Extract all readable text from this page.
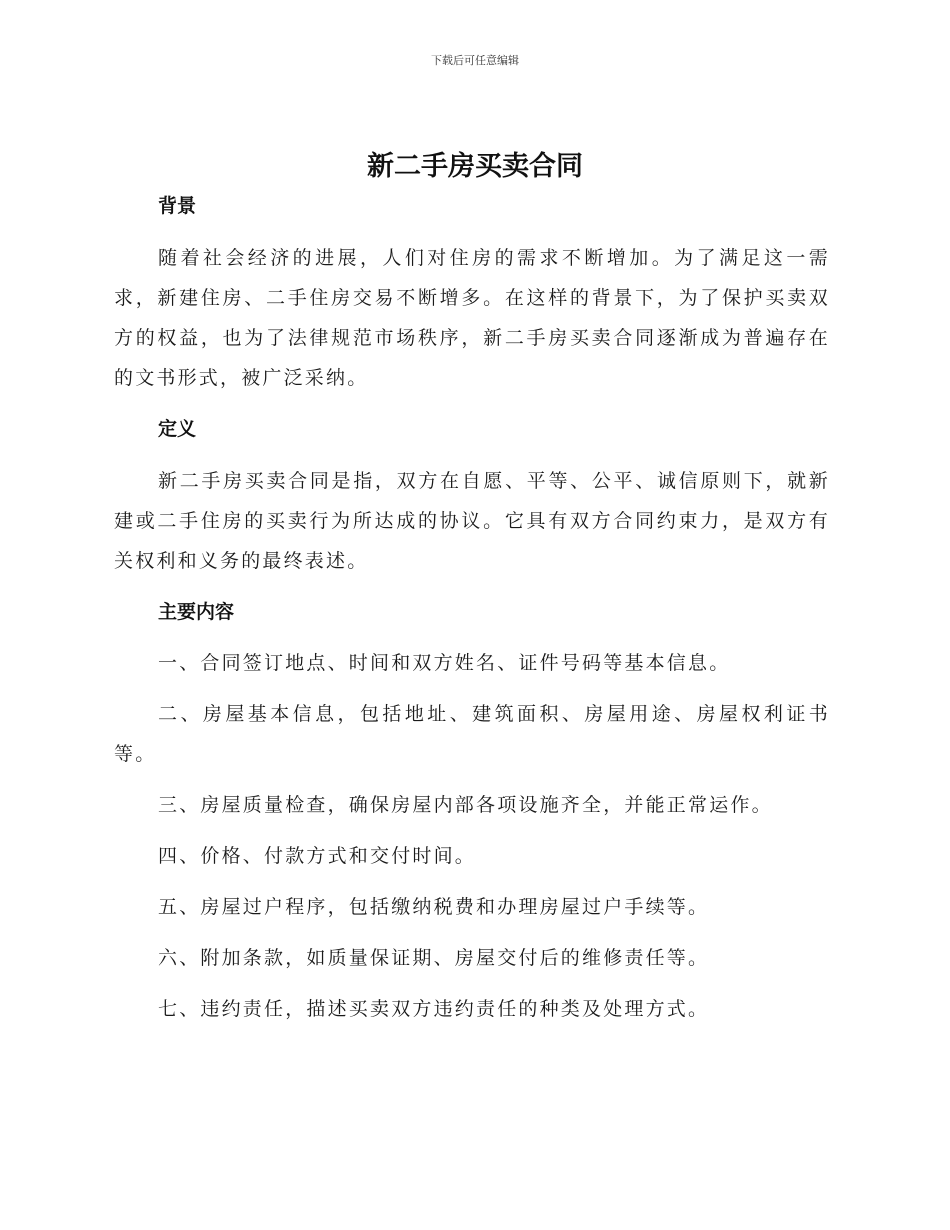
下载后可任意编辑
新二手房买卖合同
背景

随着社会经济的进展，人们对住房的需求不断增加。为了满足这一需求，新建住房、二手住房交易不断增多。在这样的背景下，为了保护买卖双方的权益，也为了法律规范市场秩序，新二手房买卖合同逐渐成为普遍存在的文书形式，被广泛采纳。

定义

新二手房买卖合同是指，双方在自愿、平等、公平、诚信原则下，就新建或二手住房的买卖行为所达成的协议。它具有双方合同约束力，是双方有关权利和义务的最终表述。

主要内容

一、合同签订地点、时间和双方姓名、证件号码等基本信息。

二、房屋基本信息，包括地址、建筑面积、房屋用途、房屋权利证书等。

三、房屋质量检查，确保房屋内部各项设施齐全，并能正常运作。

四、价格、付款方式和交付时间。

五、房屋过户程序，包括缴纳税费和办理房屋过户手续等。

六、附加条款，如质量保证期、房屋交付后的维修责任等。

七、违约责任，描述买卖双方违约责任的种类及处理方式。
